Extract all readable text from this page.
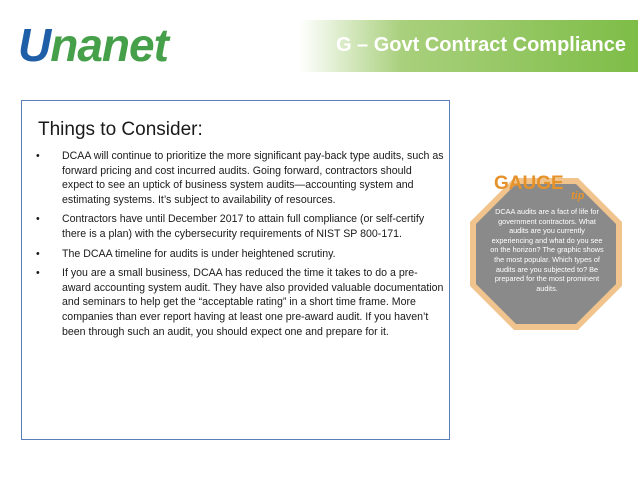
Unanet	G – Govt Contract Compliance
Things to Consider:
• DCAA will continue to prioritize the more significant pay-back type audits, such as forward pricing and cost incurred audits. Going forward, contractors should expect to see an uptick of business system audits—accounting system and estimating systems. It’s subject to availability of resources.
• Contractors have until December 2017 to attain full compliance (or self-certify there is a plan) with the cybersecurity requirements of NIST SP 800-171.
• The DCAA timeline for audits is under heightened scrutiny.
• If you are a small business, DCAA has reduced the time it takes to do a pre-award accounting system audit. They have also provided valuable documentation and seminars to help get the “acceptable rating” in a short time frame. More companies than ever report having at least one pre-award audit. If you haven’t been through such an audit, you should expect one and prepare for it.
GAUGE
tip
DCAA audits are a fact of life for government contractors. What audits are you currently experiencing and what do you see on the horizon? The graphic shows the most popular. Which types of audits are you subjected to? Be prepared for the most prominent audits.
